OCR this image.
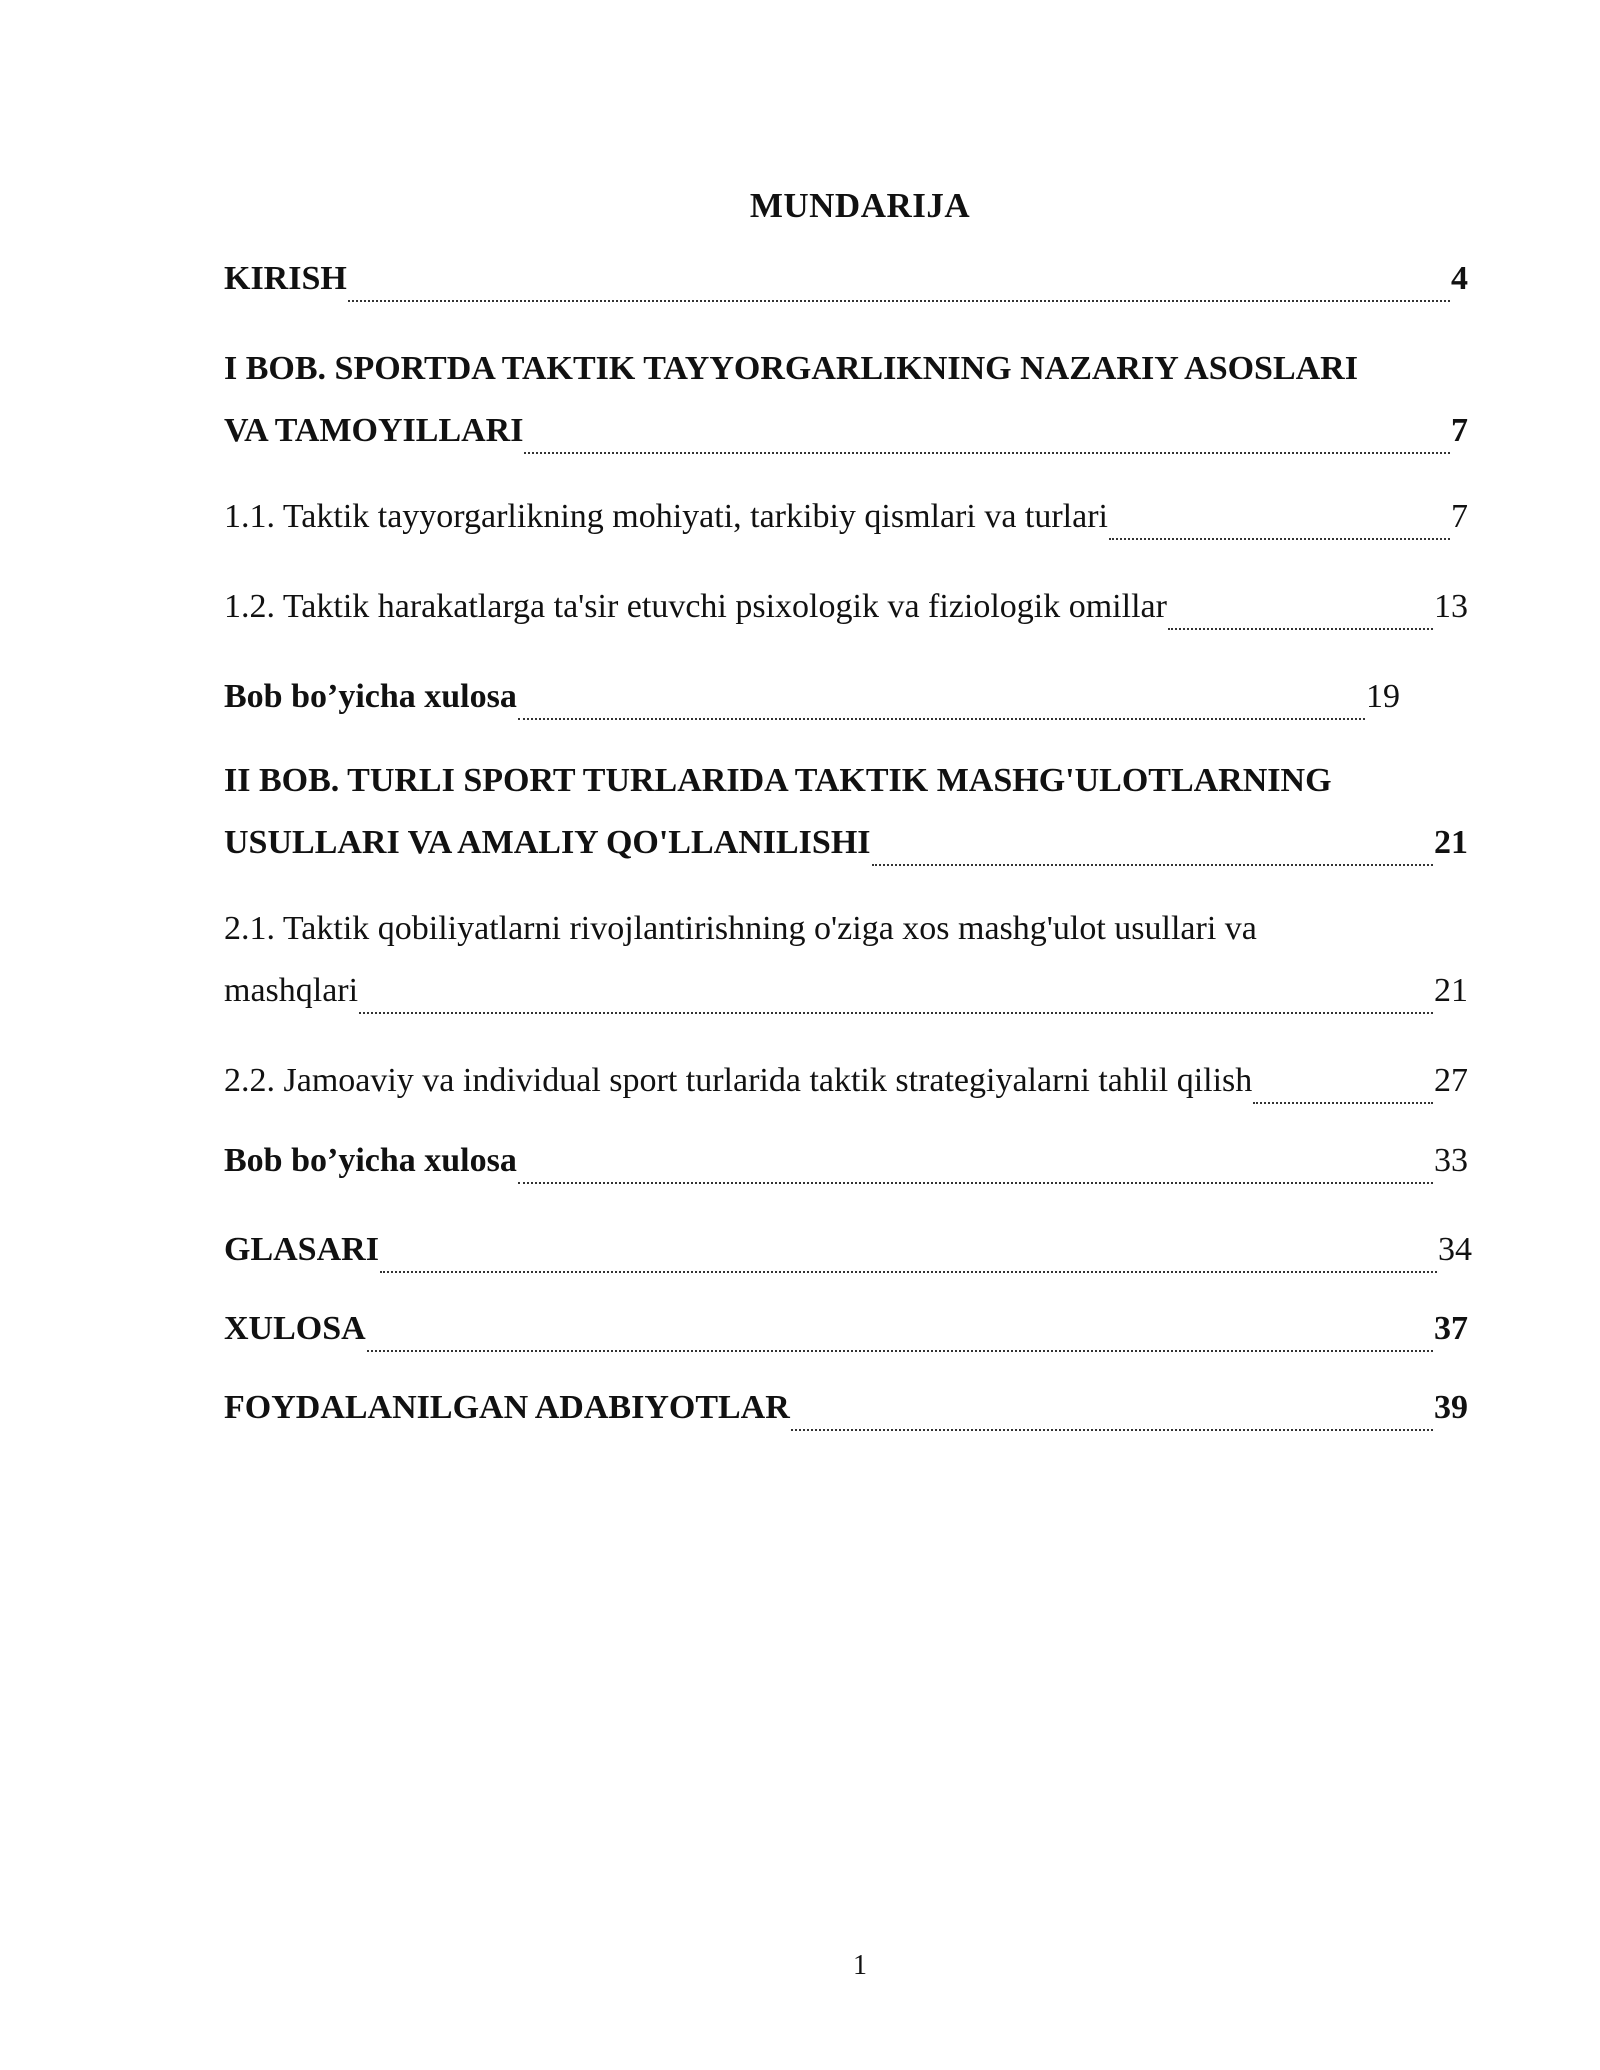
MUNDARIJA
KIRISH	4
I BOB. SPORTDA TAKTIK TAYYORGARLIKNING NAZARIY ASOSLARI
VA TAMOYILLARI	7
1.1. Taktik tayyorgarlikning mohiyati, tarkibiy qismlari va turlari	7
1.2. Taktik harakatlarga ta'sir etuvchi psixologik va fiziologik omillar	13
Bob bo’yicha xulosa	19
II BOB. TURLI SPORT TURLARIDA TAKTIK MASHG'ULOTLARNING
USULLARI VA AMALIY QO'LLANILISHI	21
2.1. Taktik qobiliyatlarni rivojlantirishning o'ziga xos mashg'ulot usullari va
mashqlari	21
2.2. Jamoaviy va individual sport turlarida taktik strategiyalarni tahlil qilish	27
Bob bo’yicha xulosa	33
GLASARI	34
XULOSA	37
FOYDALANILGAN ADABIYOTLAR	39
1
